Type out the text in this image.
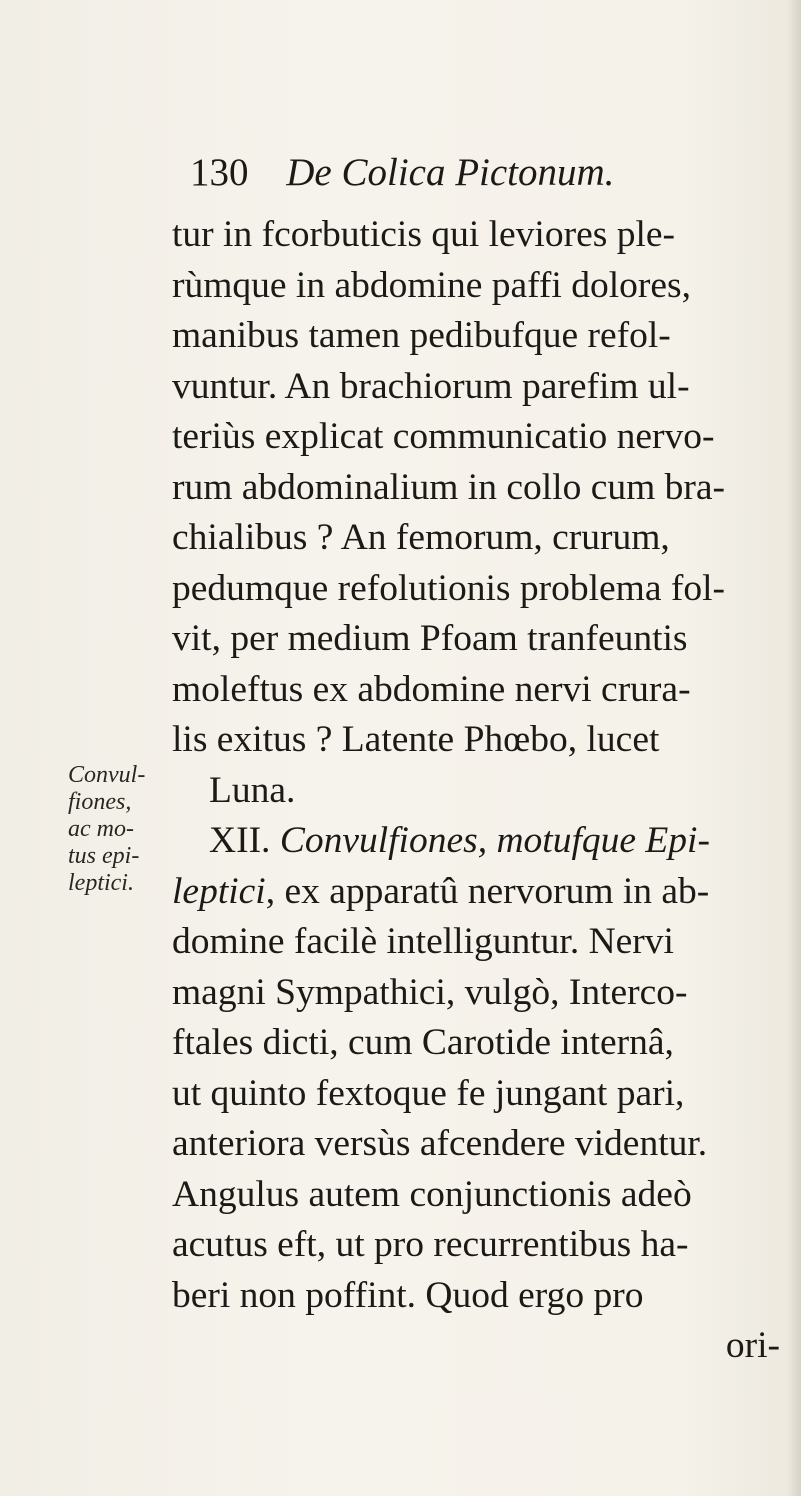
130 De Colica Pictonum.
Convul-
fiones,
ac mo-
tus epi-
leptici.
tur in fcorbuticis qui leviores ple-
rùmque in abdomine paffi dolores,
manibus tamen pedibufque refol-
vuntur. An brachiorum parefim ul-
teriùs explicat communicatio nervo-
rum abdominalium in collo cum bra-
chialibus ? An femorum, crurum,
pedumque refolutionis problema fol-
vit, per medium Pfoam tranfeuntis
moleftus ex abdomine nervi crura-
lis exitus ? Latente Phœbo, lucet
Luna.
XII. Convulfiones, motufque Epi-
leptici, ex apparatû nervorum in ab-
domine facilè intelliguntur. Nervi
magni Sympathici, vulgò, Interco-
ftales dicti, cum Carotide internâ,
ut quinto fextoque fe jungant pari,
anteriora versùs afcendere videntur.
Angulus autem conjunctionis adeò
acutus eft, ut pro recurrentibus ha-
beri non poffint. Quod ergo pro
ori-
